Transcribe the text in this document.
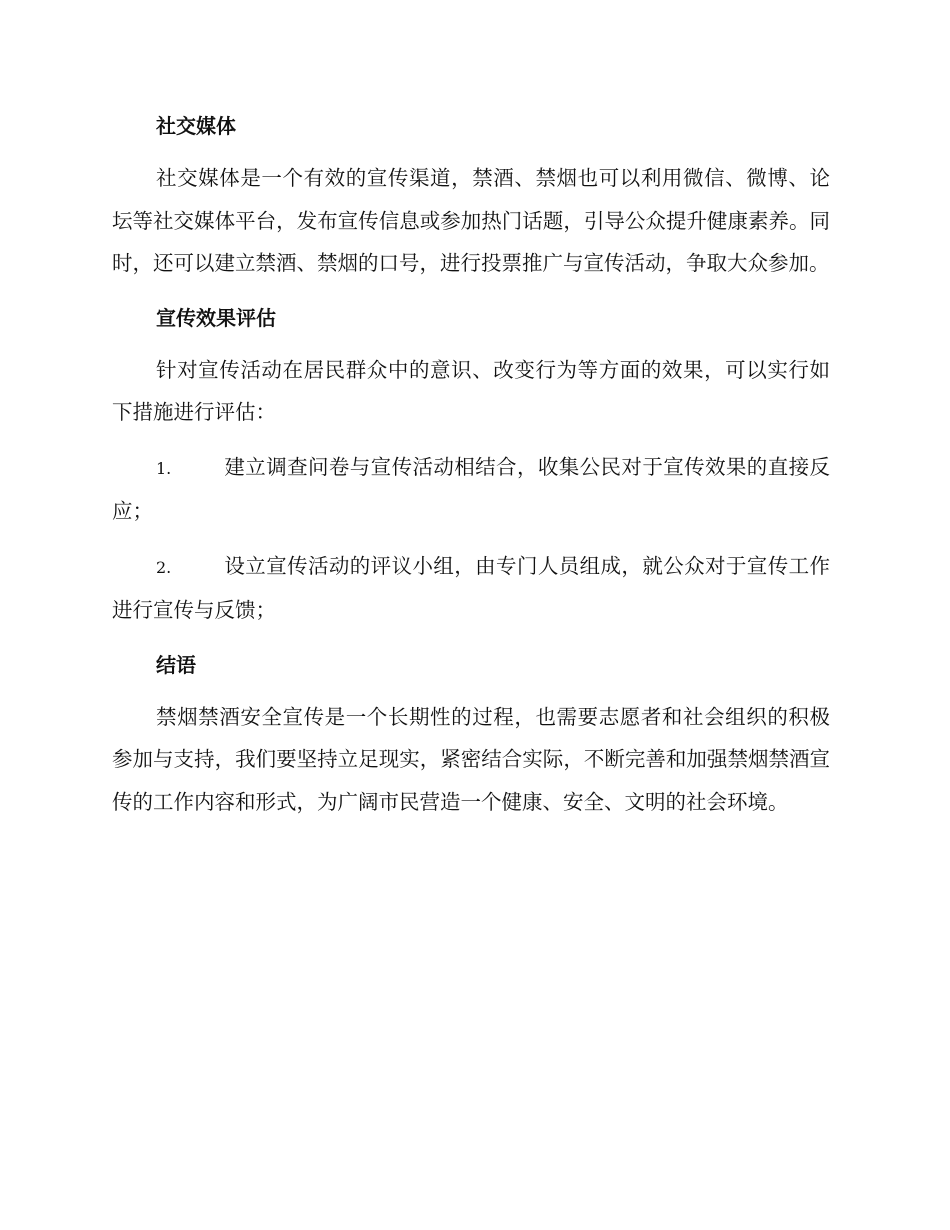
社交媒体

社交媒体是一个有效的宣传渠道，禁酒、禁烟也可以利用微信、微博、论坛等社交媒体平台，发布宣传信息或参加热门话题，引导公众提升健康素养。同时，还可以建立禁酒、禁烟的口号，进行投票推广与宣传活动，争取大众参加。

宣传效果评估

针对宣传活动在居民群众中的意识、改变行为等方面的效果，可以实行如下措施进行评估：

1.	建立调查问卷与宣传活动相结合，收集公民对于宣传效果的直接反应；

2.	设立宣传活动的评议小组，由专门人员组成，就公众对于宣传工作进行宣传与反馈；

结语

禁烟禁酒安全宣传是一个长期性的过程，也需要志愿者和社会组织的积极参加与支持，我们要坚持立足现实，紧密结合实际，不断完善和加强禁烟禁酒宣传的工作内容和形式，为广阔市民营造一个健康、安全、文明的社会环境。
